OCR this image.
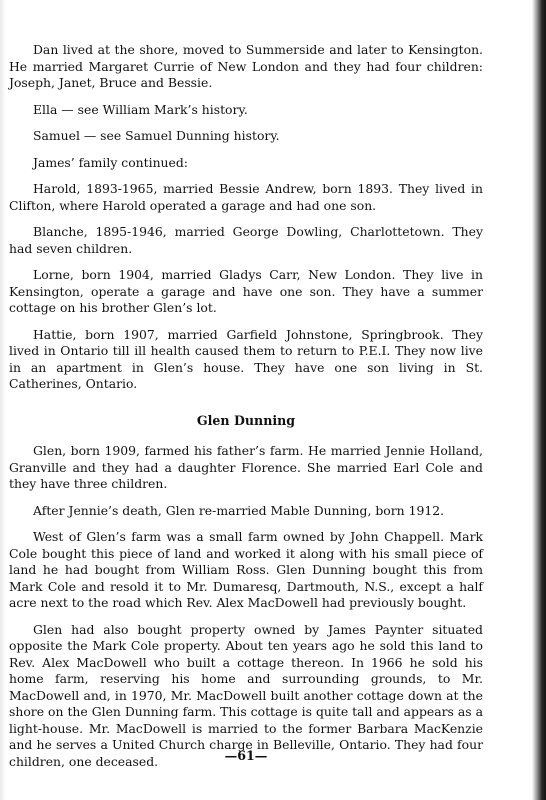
Dan lived at the shore, moved to Summerside and later to Kensington. He married Margaret Currie of New London and they had four children: Joseph, Janet, Bruce and Bessie.

Ella — see William Mark’s history.

Samuel — see Samuel Dunning history.

James’ family continued:

Harold, 1893-1965, married Bessie Andrew, born 1893. They lived in Clifton, where Harold operated a garage and had one son.

Blanche, 1895-1946, married George Dowling, Charlottetown. They had seven children.

Lorne, born 1904, married Gladys Carr, New London. They live in Kensington, operate a garage and have one son. They have a summer cottage on his brother Glen’s lot.

Hattie, born 1907, married Garfield Johnstone, Springbrook. They lived in Ontario till ill health caused them to return to P.E.I. They now live in an apartment in Glen’s house. They have one son living in St. Catherines, Ontario.

Glen Dunning

Glen, born 1909, farmed his father’s farm. He married Jennie Holland, Granville and they had a daughter Florence. She married Earl Cole and they have three children.

After Jennie’s death, Glen re-married Mable Dunning, born 1912.

West of Glen’s farm was a small farm owned by John Chappell. Mark Cole bought this piece of land and worked it along with his small piece of land he had bought from William Ross. Glen Dunning bought this from Mark Cole and resold it to Mr. Dumaresq, Dartmouth, N.S., except a half acre next to the road which Rev. Alex MacDowell had previously bought.

Glen had also bought property owned by James Paynter situated opposite the Mark Cole property. About ten years ago he sold this land to Rev. Alex MacDowell who built a cottage thereon. In 1966 he sold his home farm, reserving his home and surrounding grounds, to Mr. MacDowell and, in 1970, Mr. MacDowell built another cottage down at the shore on the Glen Dunning farm. This cottage is quite tall and appears as a light-house. Mr. MacDowell is married to the former Barbara MacKenzie and he serves a United Church charge in Belleville, Ontario. They had four children, one deceased.	—61—
